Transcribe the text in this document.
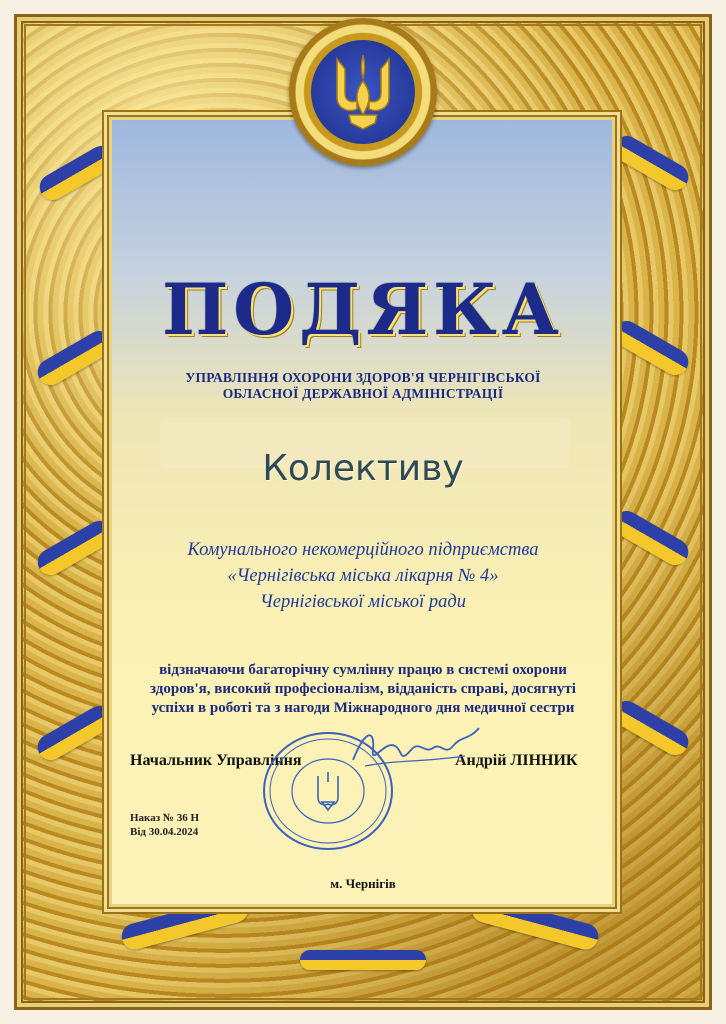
ПОДЯКА
УПРАВЛІННЯ ОХОРОНИ ЗДОРОВ'Я ЧЕРНІГІВСЬКОЇ
ОБЛАСНОЇ ДЕРЖАВНОЇ АДМІНІСТРАЦІЇ
Колективу
Комунального некомерційного підприємства
«Чернігівська міська лікарня № 4»
Чернігівської міської ради
відзначаючи багаторічну сумлінну працю в системі охорони
здоров'я, високий професіоналізм, відданість справі, досягнуті
успіхи в роботі та з нагоди Міжнародного дня медичної сестри
Начальник Управління	Андрій ЛІННИК
Наказ № 36 Н
Від 30.04.2024
м. Чернігів
